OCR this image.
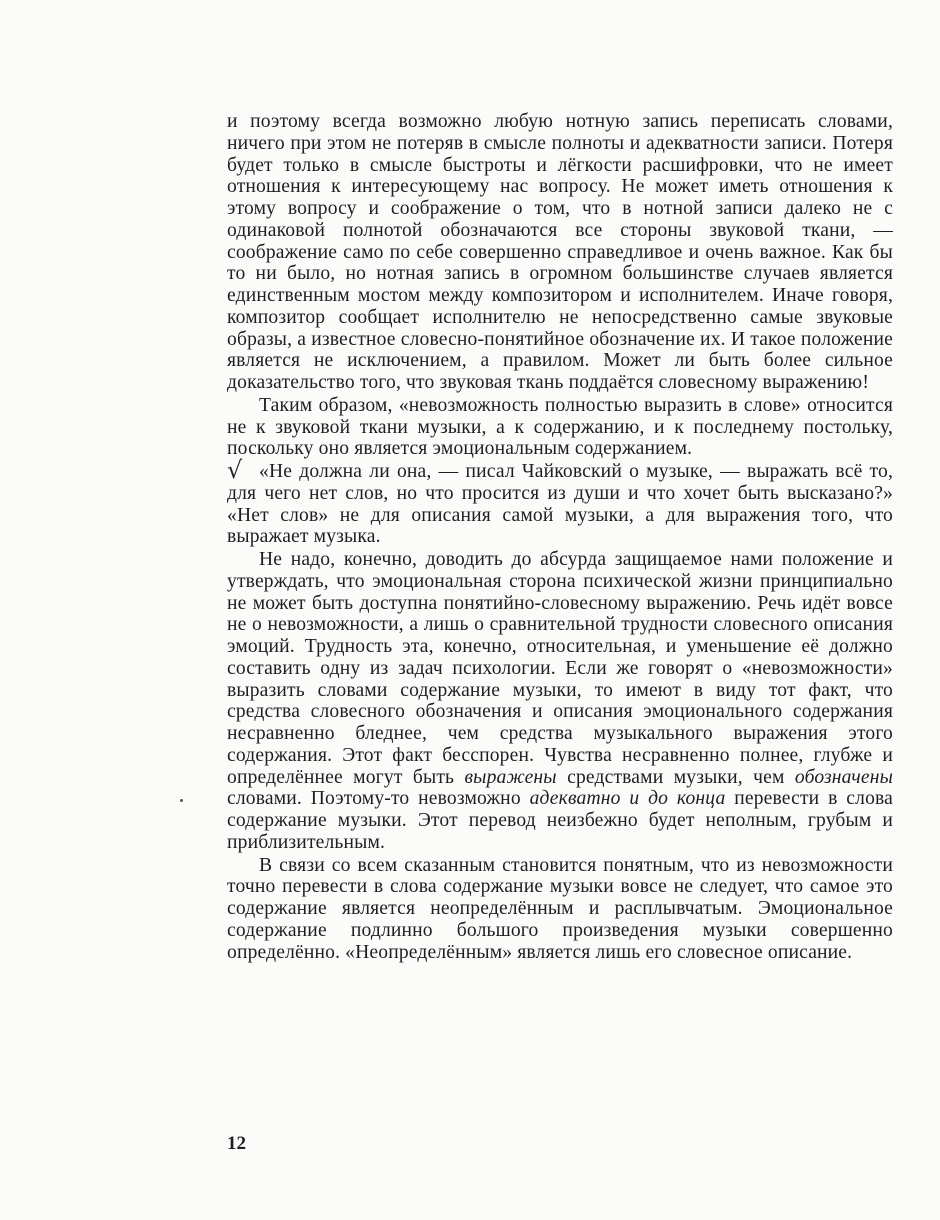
√

и поэтому всегда возможно любую нотную запись переписать словами, ничего при этом не потеряв в смысле полноты и адекватности записи. Потеря будет только в смысле быстроты и лёгкости расшифровки, что не имеет отношения к интересующему нас вопросу. Не может иметь отношения к этому вопросу и соображение о том, что в нотной записи далеко не с одинаковой полнотой обозначаются все стороны звуковой ткани, — соображение само по себе совершенно справедливое и очень важное. Как бы то ни было, но нотная запись в огромном большинстве случаев является единственным мостом между композитором и исполнителем. Иначе говоря, композитор сообщает исполнителю не непосредственно самые звуковые образы, а известное словесно-понятийное обозначение их. И такое положение является не исключением, а правилом. Может ли быть более сильное доказательство того, что звуковая ткань поддаётся словесному выражению!

Таким образом, «невозможность полностью выразить в слове» относится не к звуковой ткани музыки, а к содержанию, и к последнему постольку, поскольку оно является эмоциональным содержанием.

«Не должна ли она, — писал Чайковский о музыке, — выражать всё то, для чего нет слов, но что просится из души и что хочет быть высказано?» «Нет слов» не для описания самой музыки, а для выражения того, что выражает музыка.

Не надо, конечно, доводить до абсурда защищаемое нами положение и утверждать, что эмоциональная сторона психической жизни принципиально не может быть доступна понятийно-словесному выражению. Речь идёт вовсе не о невозможности, а лишь о сравнительной трудности словесного описания эмоций. Трудность эта, конечно, относительная, и уменьшение её должно составить одну из задач психологии. Если же говорят о «невозможности» выразить словами содержание музыки, то имеют в виду тот факт, что средства словесного обозначения и описания эмоционального содержания несравненно бледнее, чем средства музыкального выражения этого содержания. Этот факт бесспорен. Чувства несравненно полнее, глубже и определённее могут быть выражены средствами музыки, чем обозначены словами. Поэтому-то невозможно адекватно и до конца перевести в слова содержание музыки. Этот перевод неизбежно будет неполным, грубым и приблизительным.

В связи со всем сказанным становится понятным, что из невозможности точно перевести в слова содержание музыки вовсе не следует, что самое это содержание является неопределённым и расплывчатым. Эмоциональное содержание подлинно большого произведения музыки совершенно определённо. «Неопределённым» является лишь его словесное описание.

12
